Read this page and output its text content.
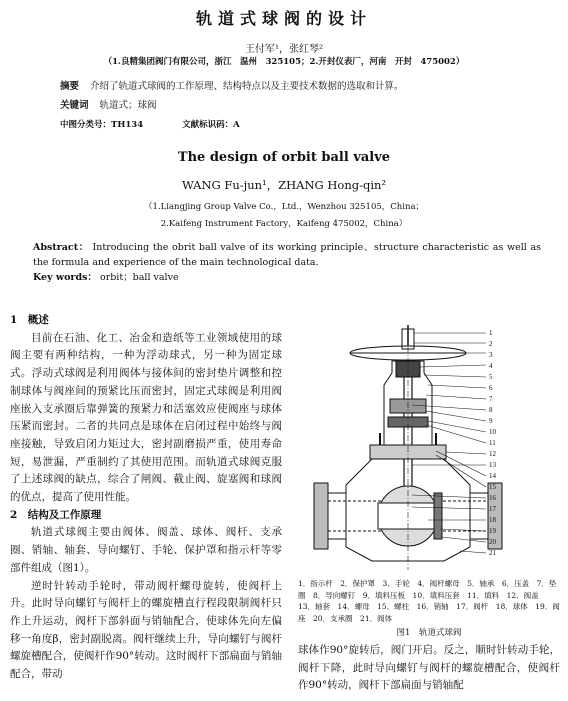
轨道式球阀的设计
王付军¹，张红琴²
（1.良精集团阀门有限公司，浙江　温州　325105；2.开封仪表厂，河南　开封　475002）
摘要 介绍了轨道式球阀的工作原理、结构特点以及主要技术数据的选取和计算。
关键词 轨道式；球阀
中图分类号：TH134	文献标识码：A
The design of orbit ball valve
WANG Fu-jun¹，ZHANG Hong-qin²
（1.Liangjing Group Valve Co.，Ltd.，Wenzhou 325105，China；
2.Kaifeng Instrument Factory，Kaifeng 475002，China）
Abstract： Introducing the obrit ball valve of its working principle、structure characteristic as well as the formula and experience of the main technological data.
Key words： orbit；ball valve
1　概述

目前在石油、化工、冶金和造纸等工业领域使用的球阀主要有两种结构，一种为浮动球式，另一种为固定球式。浮动式球阀是利用阀体与接体间的密封垫片调整和控制球体与阀座间的预紧比压而密封，固定式球阀是利用阀座嵌入支承圈后靠弹簧的预紧力和活塞效应使阀座与球体压紧而密封。二者的共同点是球体在启闭过程中始终与阀座接触，导致启闭力矩过大，密封副磨损严重，使用寿命短，易泄漏，严重制约了其使用范围。而轨道式球阀克服了上述球阀的缺点，综合了闸阀、截止阀、旋塞阀和球阀的优点，提高了使用性能。

2　结构及工作原理

轨道式球阀主要由阀体、阀盖、球体、阀杆、支承圈、销轴、轴套、导向螺钉、手轮、保护罩和指示杆等零部件组成（图1）。

逆时针转动手轮时，带动阀杆螺母旋转，使阀杆上升。此时导向螺钉与阀杆上的螺旋槽直行程段限制阀杆只作上升运动，阀杆下部斜面与销轴配合，使球体先向左偏移一角度β，密封副脱离。阀杆继续上升，导向螺钉与阀杆螺旋槽配合，使阀杆作90°转动。这时阀杆下部扁面与销轴配合，带动

1
2
3
4
5
6
7
8
9
10
11
12
13
14
15
16
17
18
19
20
21
1．指示杆　2．保护罩　3．手轮　4．阀杆螺母　5．轴承　6．压盖　7．垫圈　8．导向螺钉　9．填料压板　10．填料压套　11．填料　12．阀盖　13．轴套　14．螺母　15．螺柱　16．销轴　17．阀杆　18．球体　19．阀座　20．支承圈　21．阀体
图1　轨道式球阀
球体作90°旋转后，阀门开启。反之，顺时针转动手轮，阀杆下降，此时导向螺钉与阀杆的螺旋槽配合，使阀杆作90°转动，阀杆下部扁面与销轴配
